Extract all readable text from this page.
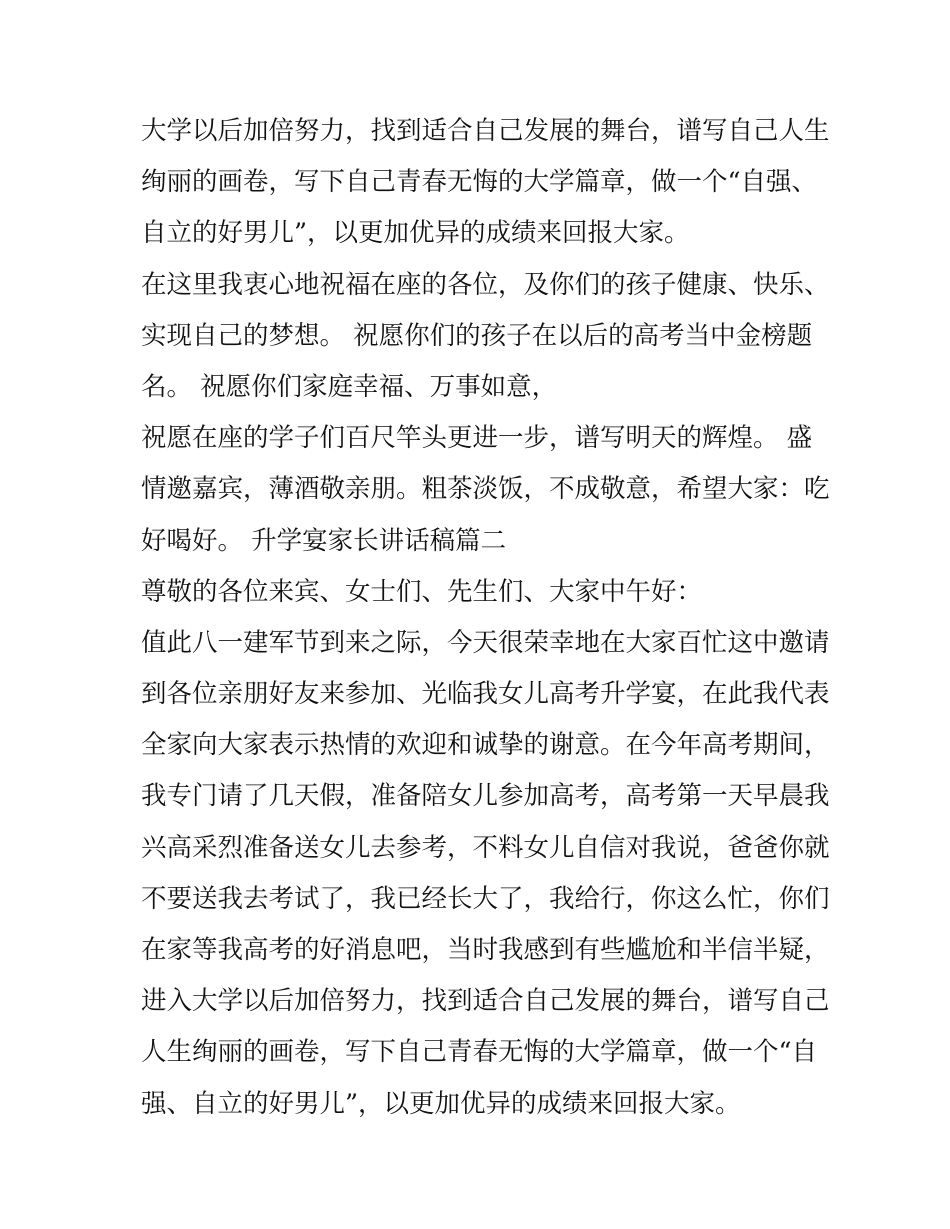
大学以后加倍努力，找到适合自己发展的舞台，谱写自己人生
绚丽的画卷，写下自己青春无悔的大学篇章，做一个“自强、
自立的好男儿”，以更加优异的成绩来回报大家。
在这里我衷心地祝福在座的各位，及你们的孩子健康、快乐、
实现自己的梦想。 祝愿你们的孩子在以后的高考当中金榜题
名。 祝愿你们家庭幸福、万事如意，
祝愿在座的学子们百尺竿头更进一步，谱写明天的辉煌。 盛
情邀嘉宾，薄酒敬亲朋。粗茶淡饭，不成敬意，希望大家：吃
好喝好。 升学宴家长讲话稿篇二
尊敬的各位来宾、女士们、先生们、大家中午好：
值此八一建军节到来之际，今天很荣幸地在大家百忙这中邀请
到各位亲朋好友来参加、光临我女儿高考升学宴，在此我代表
全家向大家表示热情的欢迎和诚挚的谢意。在今年高考期间，
我专门请了几天假，准备陪女儿参加高考，高考第一天早晨我
兴高采烈准备送女儿去参考，不料女儿自信对我说，爸爸你就
不要送我去考试了，我已经长大了，我给行，你这么忙，你们
在家等我高考的好消息吧，当时我感到有些尴尬和半信半疑，
进入大学以后加倍努力，找到适合自己发展的舞台，谱写自己
人生绚丽的画卷，写下自己青春无悔的大学篇章，做一个“自
强、自立的好男儿”，以更加优异的成绩来回报大家。
